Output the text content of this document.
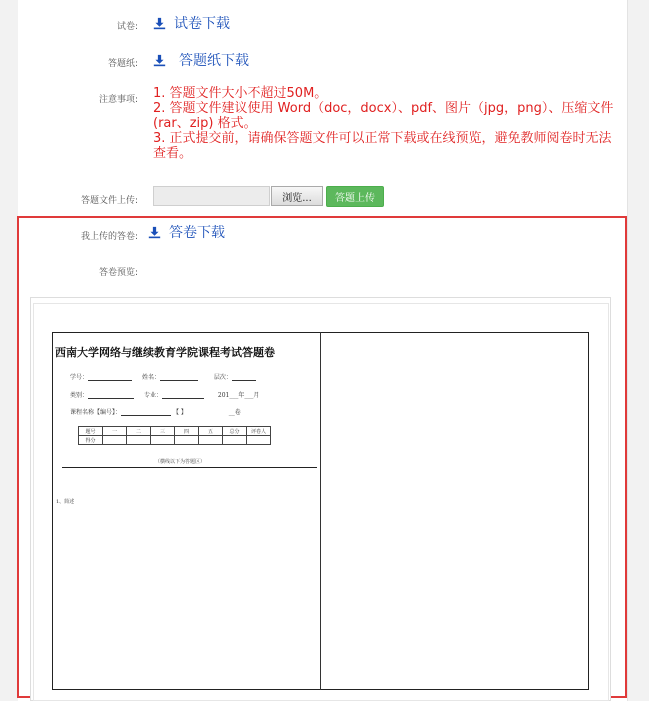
试卷:	试卷下载
答题纸:	答题纸下载
注意事项: 1. 答题文件大小不超过50M。
2. 答题文件建议使用 Word（doc，docx）、pdf、图片（jpg，png）、压缩文件(rar、zip) 格式。
3. 正式提交前，请确保答题文件可以正常下载或在线预览，避免教师阅卷时无法查看。
答题文件上传:	浏览...	答题上传
我上传的答卷: 答卷下载
答卷预览:
西南大学网络与继续教育学院课程考试答题卷
学号：	姓名：	层次：
类别：	专业：	201___年___月
课程名称【编号】：	【 】	__卷
题号	一	二	三	四	五	总分	评卷人
得分							
（横线以下为答题区）
1、简述
